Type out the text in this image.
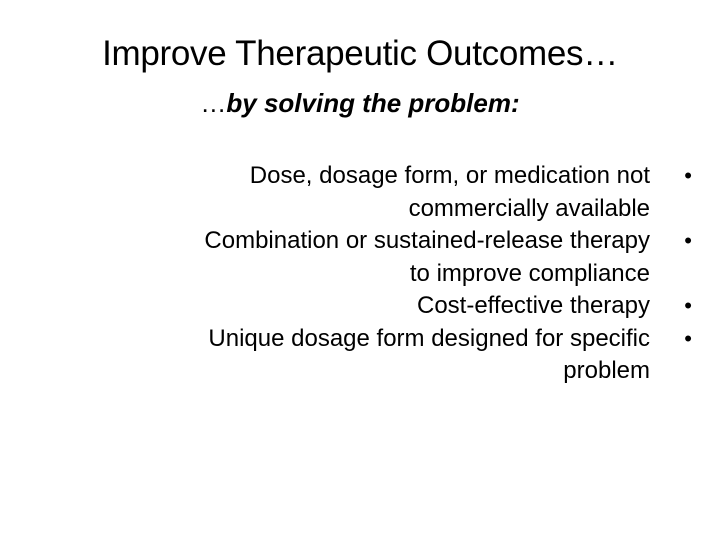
Improve Therapeutic Outcomes…
…by solving the problem:
•
Dose, dosage form, or medication not
commercially available
•
Combination or sustained-release therapy
to improve compliance
•
Cost-effective therapy
•
Unique dosage form designed for specific
problem
